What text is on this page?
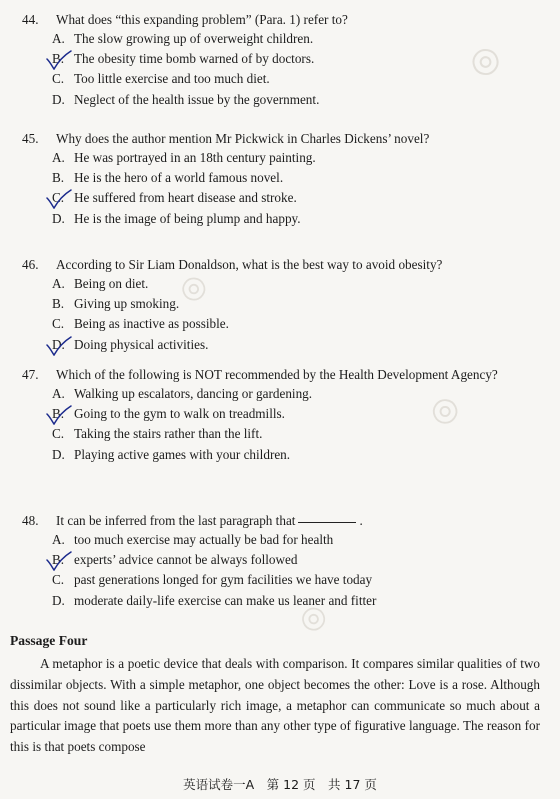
◎
◎
◎
◎
44. What does “this expanding problem” (Para. 1) refer to?
A. The slow growing up of overweight children.
B. The obesity time bomb warned of by doctors.
C. Too little exercise and too much diet.
D. Neglect of the health issue by the government.
45. Why does the author mention Mr Pickwick in Charles Dickens’ novel?
A. He was portrayed in an 18th century painting.
B. He is the hero of a world famous novel.
C. He suffered from heart disease and stroke.
D. He is the image of being plump and happy.
46. According to Sir Liam Donaldson, what is the best way to avoid obesity?
A. Being on diet.
B. Giving up smoking.
C. Being as inactive as possible.
D. Doing physical activities.
47. Which of the following is NOT recommended by the Health Development Agency?
A. Walking up escalators, dancing or gardening.
B. Going to the gym to walk on treadmills.
C. Taking the stairs rather than the lift.
D. Playing active games with your children.
48. It can be inferred from the last paragraph that	.
A. too much exercise may actually be bad for health
B. experts’ advice cannot be always followed
C. past generations longed for gym facilities we have today
D. moderate daily-life exercise can make us leaner and fitter
Passage Four

A metaphor is a poetic device that deals with comparison. It compares similar qualities of two dissimilar objects. With a simple metaphor, one object becomes the other: Love is a rose. Although this does not sound like a particularly rich image, a metaphor can communicate so much about a particular image that poets use them more than any other type of figurative language. The reason for this is that poets compose

英语试卷一A　第 12 页　共 17 页
